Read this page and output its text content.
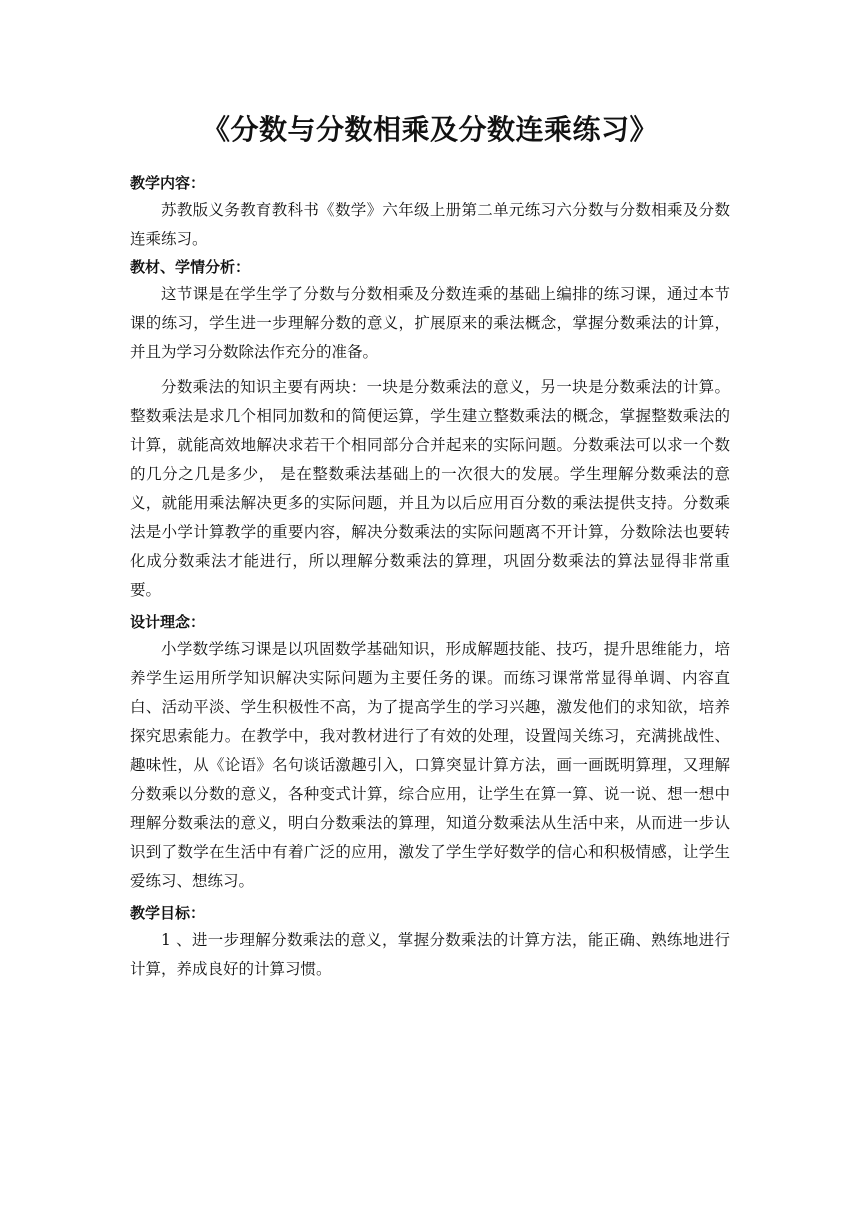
《分数与分数相乘及分数连乘练习》
教学内容：

苏教版义务教育教科书《数学》六年级上册第二单元练习六分数与分数相乘及分数连乘练习。

教材、学情分析：

这节课是在学生学了分数与分数相乘及分数连乘的基础上编排的练习课，通过本节课的练习，学生进一步理解分数的意义，扩展原来的乘法概念，掌握分数乘法的计算，并且为学习分数除法作充分的准备。

分数乘法的知识主要有两块：一块是分数乘法的意义，另一块是分数乘法的计算。整数乘法是求几个相同加数和的简便运算，学生建立整数乘法的概念，掌握整数乘法的计算，就能高效地解决求若干个相同部分合并起来的实际问题。分数乘法可以求一个数的几分之几是多少， 是在整数乘法基础上的一次很大的发展。学生理解分数乘法的意义，就能用乘法解决更多的实际问题，并且为以后应用百分数的乘法提供支持。分数乘法是小学计算教学的重要内容，解决分数乘法的实际问题离不开计算，分数除法也要转化成分数乘法才能进行，所以理解分数乘法的算理，巩固分数乘法的算法显得非常重要。

设计理念：

小学数学练习课是以巩固数学基础知识，形成解题技能、技巧，提升思维能力，培养学生运用所学知识解决实际问题为主要任务的课。而练习课常常显得单调、内容直白、活动平淡、学生积极性不高，为了提高学生的学习兴趣，激发他们的求知欲，培养探究思索能力。在教学中，我对教材进行了有效的处理，设置闯关练习，充满挑战性、趣味性，从《论语》名句谈话激趣引入，口算突显计算方法，画一画既明算理，又理解分数乘以分数的意义，各种变式计算，综合应用，让学生在算一算、说一说、想一想中理解分数乘法的意义，明白分数乘法的算理，知道分数乘法从生活中来，从而进一步认识到了数学在生活中有着广泛的应用，激发了学生学好数学的信心和积极情感，让学生爱练习、想练习。

教学目标：

1 、进一步理解分数乘法的意义，掌握分数乘法的计算方法，能正确、熟练地进行计算，养成良好的计算习惯。
